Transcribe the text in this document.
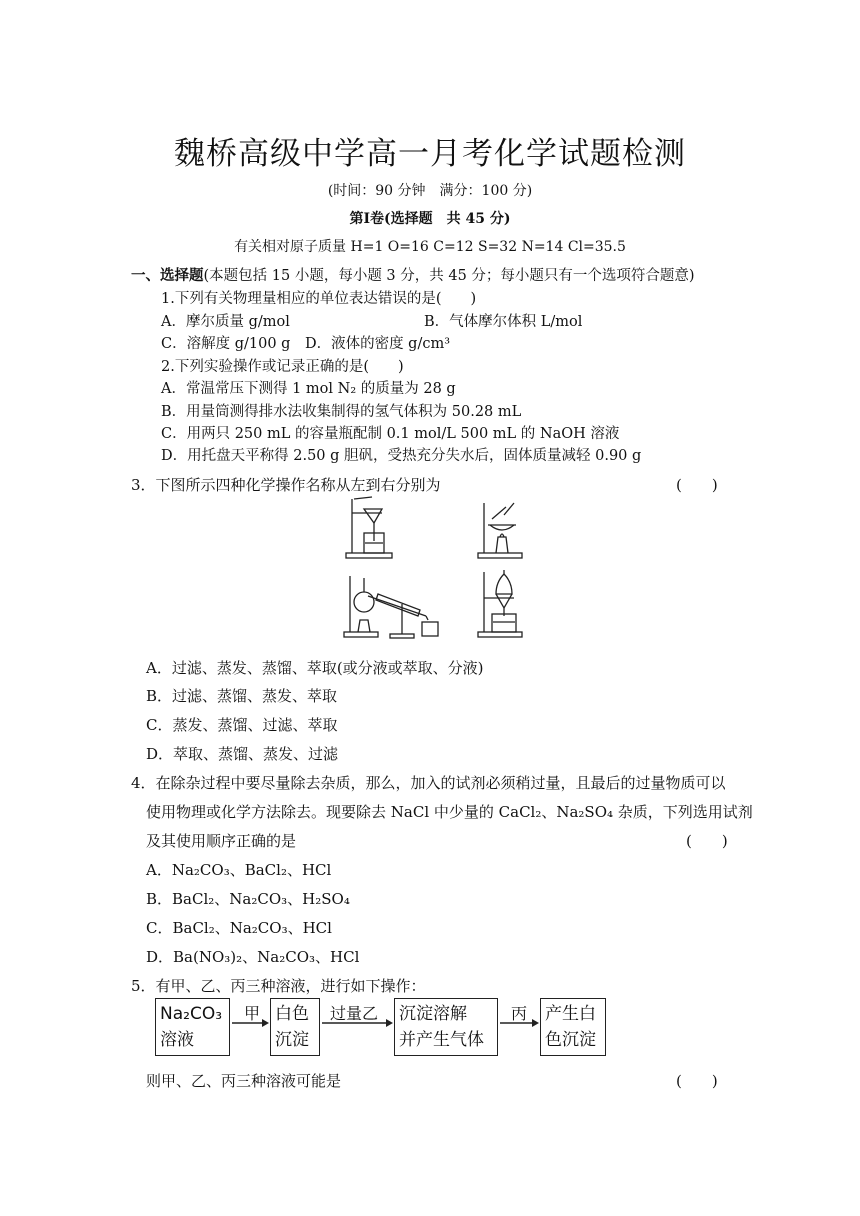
魏桥高级中学高一月考化学试题检测
(时间：90 分钟　满分：100 分)
第Ⅰ卷(选择题　共 45 分)
有关相对原子质量 H=1 O=16 C=12 S=32 N=14 Cl=35.5
一、选择题(本题包括 15 小题，每小题 3 分，共 45 分；每小题只有一个选项符合题意)
1.下列有关物理量相应的单位表达错误的是(　　)
A．摩尔质量 g/mol	B．气体摩尔体积 L/mol
C．溶解度 g/100 g　D．液体的密度 g/cm³
2.下列实验操作或记录正确的是(　　)
A．常温常压下测得 1 mol N₂ 的质量为 28 g
B．用量筒测得排水法收集制得的氢气体积为 50.28 mL
C．用两只 250 mL 的容量瓶配制 0.1 mol/L 500 mL 的 NaOH 溶液
D．用托盘天平称得 2.50 g 胆矾，受热充分失水后，固体质量减轻 0.90 g
3．下图所示四种化学操作名称从左到右分别为	(　　)
A．过滤、蒸发、蒸馏、萃取(或分液或萃取、分液)
B．过滤、蒸馏、蒸发、萃取
C．蒸发、蒸馏、过滤、萃取
D．萃取、蒸馏、蒸发、过滤
4．在除杂过程中要尽量除去杂质，那么，加入的试剂必须稍过量，且最后的过量物质可以
使用物理或化学方法除去。现要除去 NaCl 中少量的 CaCl₂、Na₂SO₄ 杂质，下列选用试剂
及其使用顺序正确的是	(　　)
A．Na₂CO₃、BaCl₂、HCl
B．BaCl₂、Na₂CO₃、H₂SO₄
C．BaCl₂、Na₂CO₃、HCl
D．Ba(NO₃)₂、Na₂CO₃、HCl
5．有甲、乙、丙三种溶液，进行如下操作：
Na₂CO₃
溶液
甲 白色
沉淀
过量乙 沉淀溶解
并产生气体
丙 产生白
色沉淀
则甲、乙、丙三种溶液可能是	(　　)
